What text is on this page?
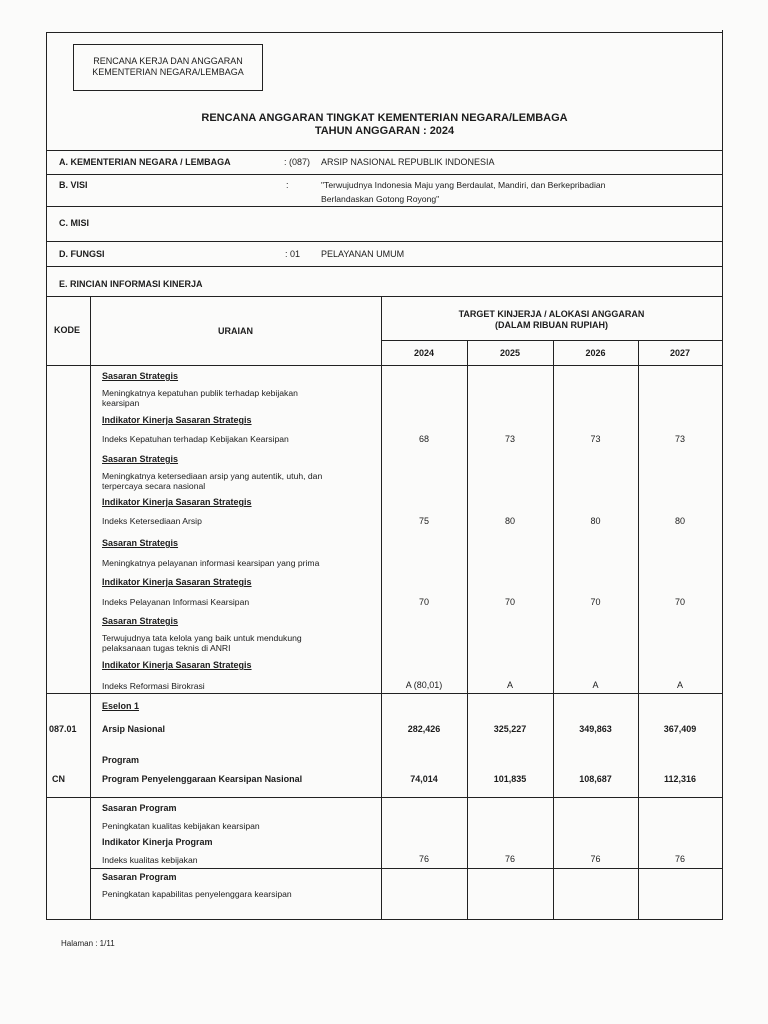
RENCANA KERJA DAN ANGGARAN
KEMENTERIAN NEGARA/LEMBAGA
RENCANA ANGGARAN TINGKAT KEMENTERIAN NEGARA/LEMBAGA
TAHUN ANGGARAN : 2024
A. KEMENTERIAN NEGARA / LEMBAGA	: (087) ARSIP NASIONAL REPUBLIK INDONESIA
B. VISI	:	"Terwujudnya Indonesia Maju yang Berdaulat, Mandiri, dan Berkepribadian
Berlandaskan Gotong Royong"
C. MISI
D. FUNGSI	: 01 PELAYANAN UMUM
E. RINCIAN INFORMASI KINERJA
KODE	URAIAN
TARGET KINJERJA / ALOKASI ANGGARAN
(DALAM RIBUAN RUPIAH)
2024	2025	2026	2027
Sasaran Strategis
Meningkatnya kepatuhan publik terhadap kebijakan
kearsipan
Indikator Kinerja Sasaran Strategis
Indeks Kepatuhan terhadap Kebijakan Kearsipan	68	73	73	73
Sasaran Strategis
Meningkatnya ketersediaan arsip yang autentik, utuh, dan
terpercaya secara nasional
Indikator Kinerja Sasaran Strategis
Indeks Ketersediaan Arsip	75	80	80	80
Sasaran Strategis
Meningkatnya pelayanan informasi kearsipan yang prima
Indikator Kinerja Sasaran Strategis
Indeks Pelayanan Informasi Kearsipan	70	70	70	70
Sasaran Strategis
Terwujudnya tata kelola yang baik untuk mendukung
pelaksanaan tugas teknis di ANRI
Indikator Kinerja Sasaran Strategis
Indeks Reformasi Birokrasi	A (80,01)	A	A	A
Eselon 1
087.01	Arsip Nasional	282,426	325,227	349,863	367,409
Program
CN	Program Penyelenggaraan Kearsipan Nasional	74,014	101,835	108,687	112,316
Sasaran Program
Peningkatan kualitas kebijakan kearsipan
Indikator Kinerja Program
Indeks kualitas kebijakan	76	76	76	76
Sasaran Program
Peningkatan kapabilitas penyelenggara kearsipan
Halaman : 1/11
